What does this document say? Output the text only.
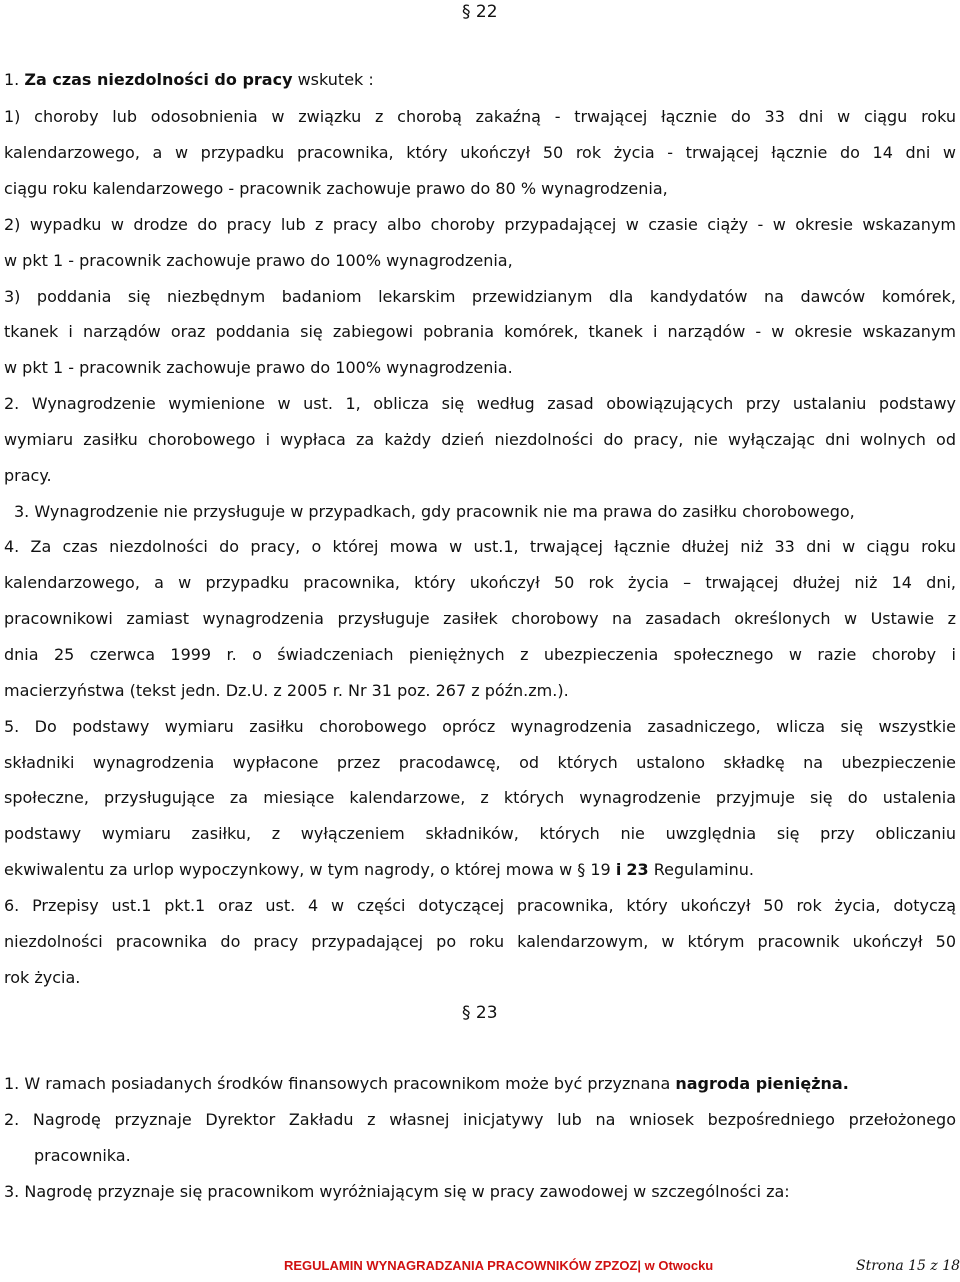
§ 22
1. Za czas niezdolności do pracy wskutek :
1) choroby lub odosobnienia w związku z chorobą zakaźną - trwającej łącznie do 33 dni w ciągu roku
kalendarzowego, a w przypadku pracownika, który ukończył 50 rok życia - trwającej łącznie do 14 dni w
ciągu roku kalendarzowego - pracownik zachowuje prawo do 80 % wynagrodzenia,
2) wypadku w drodze do pracy lub z pracy albo choroby przypadającej w czasie ciąży - w okresie wskazanym
w pkt 1 - pracownik zachowuje prawo do 100% wynagrodzenia,
3) poddania się niezbędnym badaniom lekarskim przewidzianym dla kandydatów na dawców komórek,
tkanek i narządów oraz poddania się zabiegowi pobrania komórek, tkanek i narządów - w okresie wskazanym
w pkt 1 - pracownik zachowuje prawo do 100% wynagrodzenia.
2. Wynagrodzenie wymienione w ust. 1, oblicza się według zasad obowiązujących przy ustalaniu podstawy
wymiaru zasiłku chorobowego i wypłaca za każdy dzień niezdolności do pracy, nie wyłączając dni wolnych od
pracy.
3. Wynagrodzenie nie przysługuje w przypadkach, gdy pracownik nie ma prawa do zasiłku chorobowego,
4. Za czas niezdolności do pracy, o której mowa w ust.1, trwającej łącznie dłużej niż 33 dni w ciągu roku
kalendarzowego, a w przypadku pracownika, który ukończył 50 rok życia – trwającej dłużej niż 14 dni,
pracownikowi zamiast wynagrodzenia przysługuje zasiłek chorobowy na zasadach określonych w Ustawie z
dnia 25 czerwca 1999 r. o świadczeniach pieniężnych z ubezpieczenia społecznego w razie choroby i
macierzyństwa (tekst jedn. Dz.U. z 2005 r. Nr 31 poz. 267 z późn.zm.).
5. Do podstawy wymiaru zasiłku chorobowego oprócz wynagrodzenia zasadniczego, wlicza się wszystkie
składniki wynagrodzenia wypłacone przez pracodawcę, od których ustalono składkę na ubezpieczenie
społeczne, przysługujące za miesiące kalendarzowe, z których wynagrodzenie przyjmuje się do ustalenia
podstawy wymiaru zasiłku, z wyłączeniem składników, których nie uwzględnia się przy obliczaniu
ekwiwalentu za urlop wypoczynkowy, w tym nagrody, o której mowa w § 19 i 23 Regulaminu.
6. Przepisy ust.1 pkt.1 oraz ust. 4 w części dotyczącej pracownika, który ukończył 50 rok życia, dotyczą
niezdolności pracownika do pracy przypadającej po roku kalendarzowym, w którym pracownik ukończył 50
rok życia.
§ 23
1. W ramach posiadanych środków finansowych pracownikom może być przyznana nagroda pieniężna.
2. Nagrodę przyznaje Dyrektor Zakładu z własnej inicjatywy lub na wniosek bezpośredniego przełożonego
pracownika.
3. Nagrodę przyznaje się pracownikom wyróżniającym się w pracy zawodowej w szczególności za:
REGULAMIN WYNAGRADZANIA PRACOWNIKÓW ZPZOZ| w Otwocku	Strona 15 z 18
